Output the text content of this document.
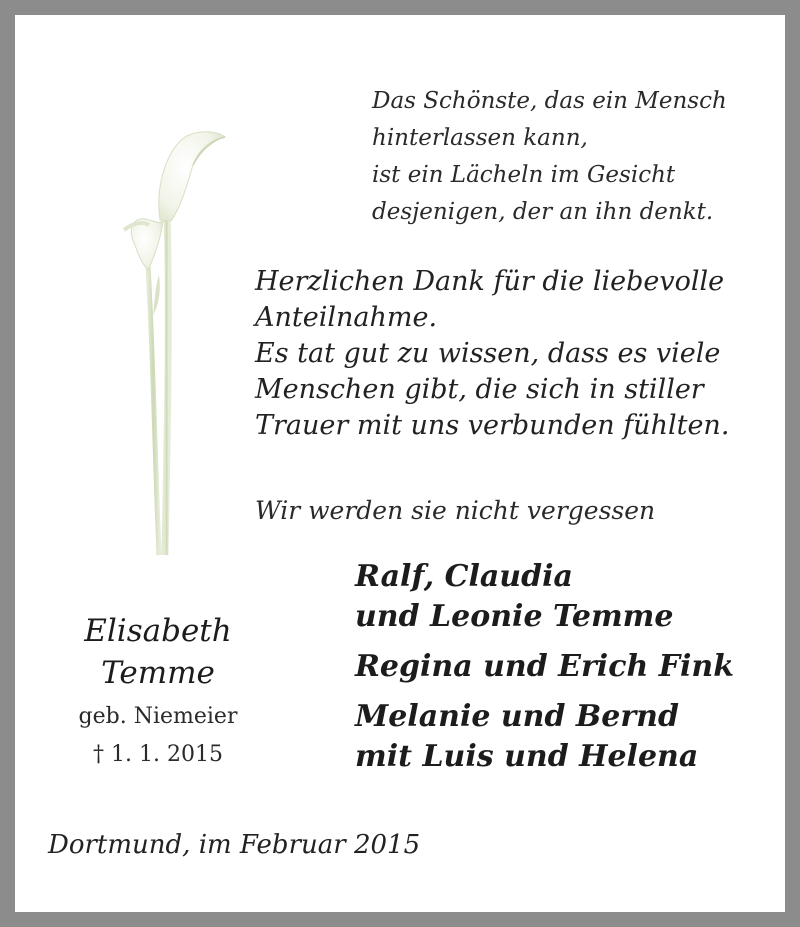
Das Schönste, das ein Mensch
hinterlassen kann,
ist ein Lächeln im Gesicht
desjenigen, der an ihn denkt.
Herzlichen Dank für die liebevolle
Anteilnahme.
Es tat gut zu wissen, dass es viele
Menschen gibt, die sich in stiller
Trauer mit uns verbunden fühlten.
Wir werden sie nicht vergessen
Ralf, Claudia
und Leonie Temme
Regina und Erich Fink
Melanie und Bernd
mit Luis und Helena
Elisabeth
Temme
geb. Niemeier
† 1. 1. 2015
Dortmund, im Februar 2015
